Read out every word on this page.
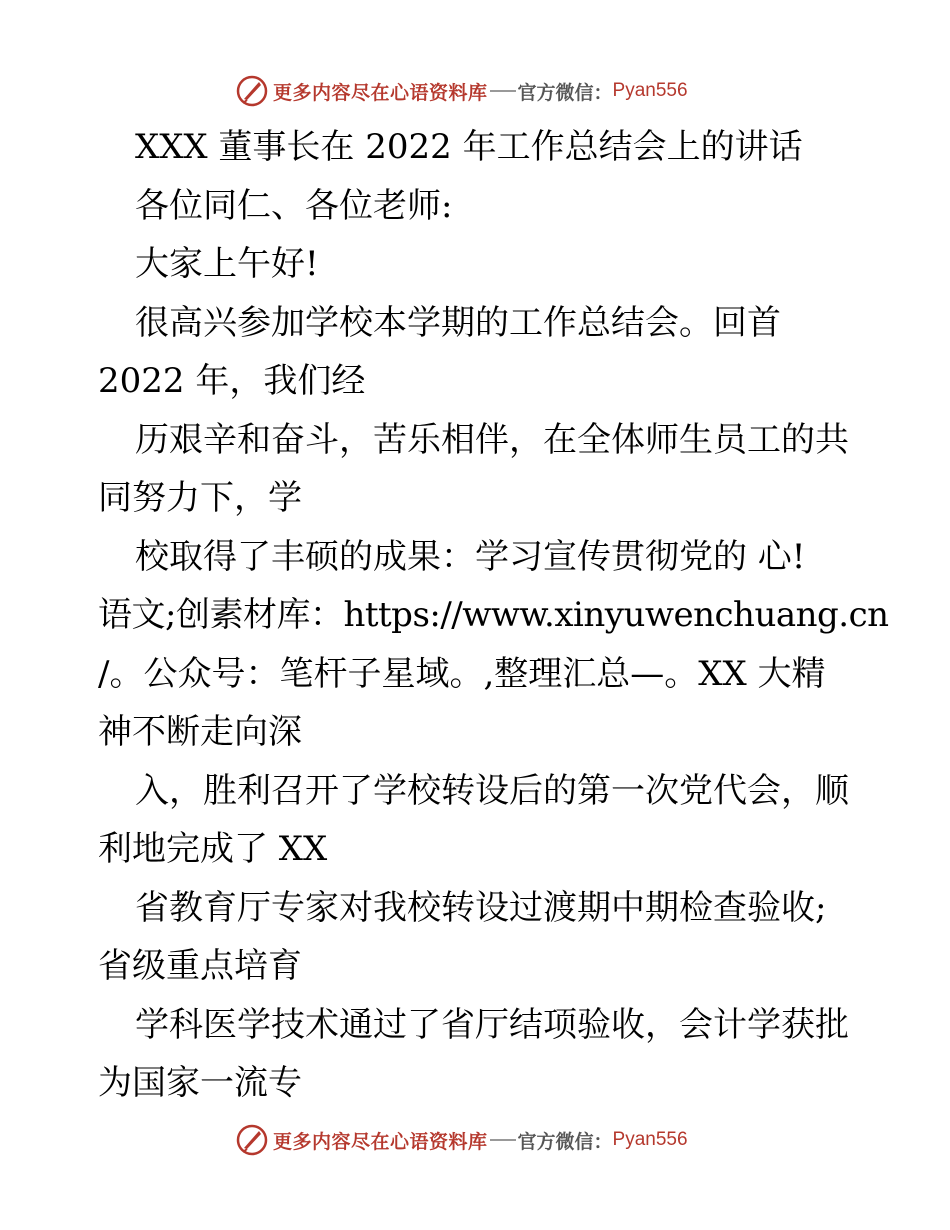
更多内容尽在心语资料库 官方微信： Pyan556
XXX 董事长在 2022 年工作总结会上的讲话
各位同仁、各位老师:
大家上午好!
很高兴参加学校本学期的工作总结会。回首
2022 年，我们经
历艰辛和奋斗，苦乐相伴，在全体师生员工的共
同努力下，学
校取得了丰硕的成果：学习宣传贯彻党的 心!
语文;创素材库：https://www.xinyuwenchuang.cn
/。公众号：笔杆子星域。,整理汇总—。XX 大精
神不断走向深
入，胜利召开了学校转设后的第一次党代会，顺
利地完成了 XX
省教育厅专家对我校转设过渡期中期检查验收;
省级重点培育
学科医学技术通过了省厅结项验收，会计学获批
为国家一流专
更多内容尽在心语资料库 官方微信： Pyan556
